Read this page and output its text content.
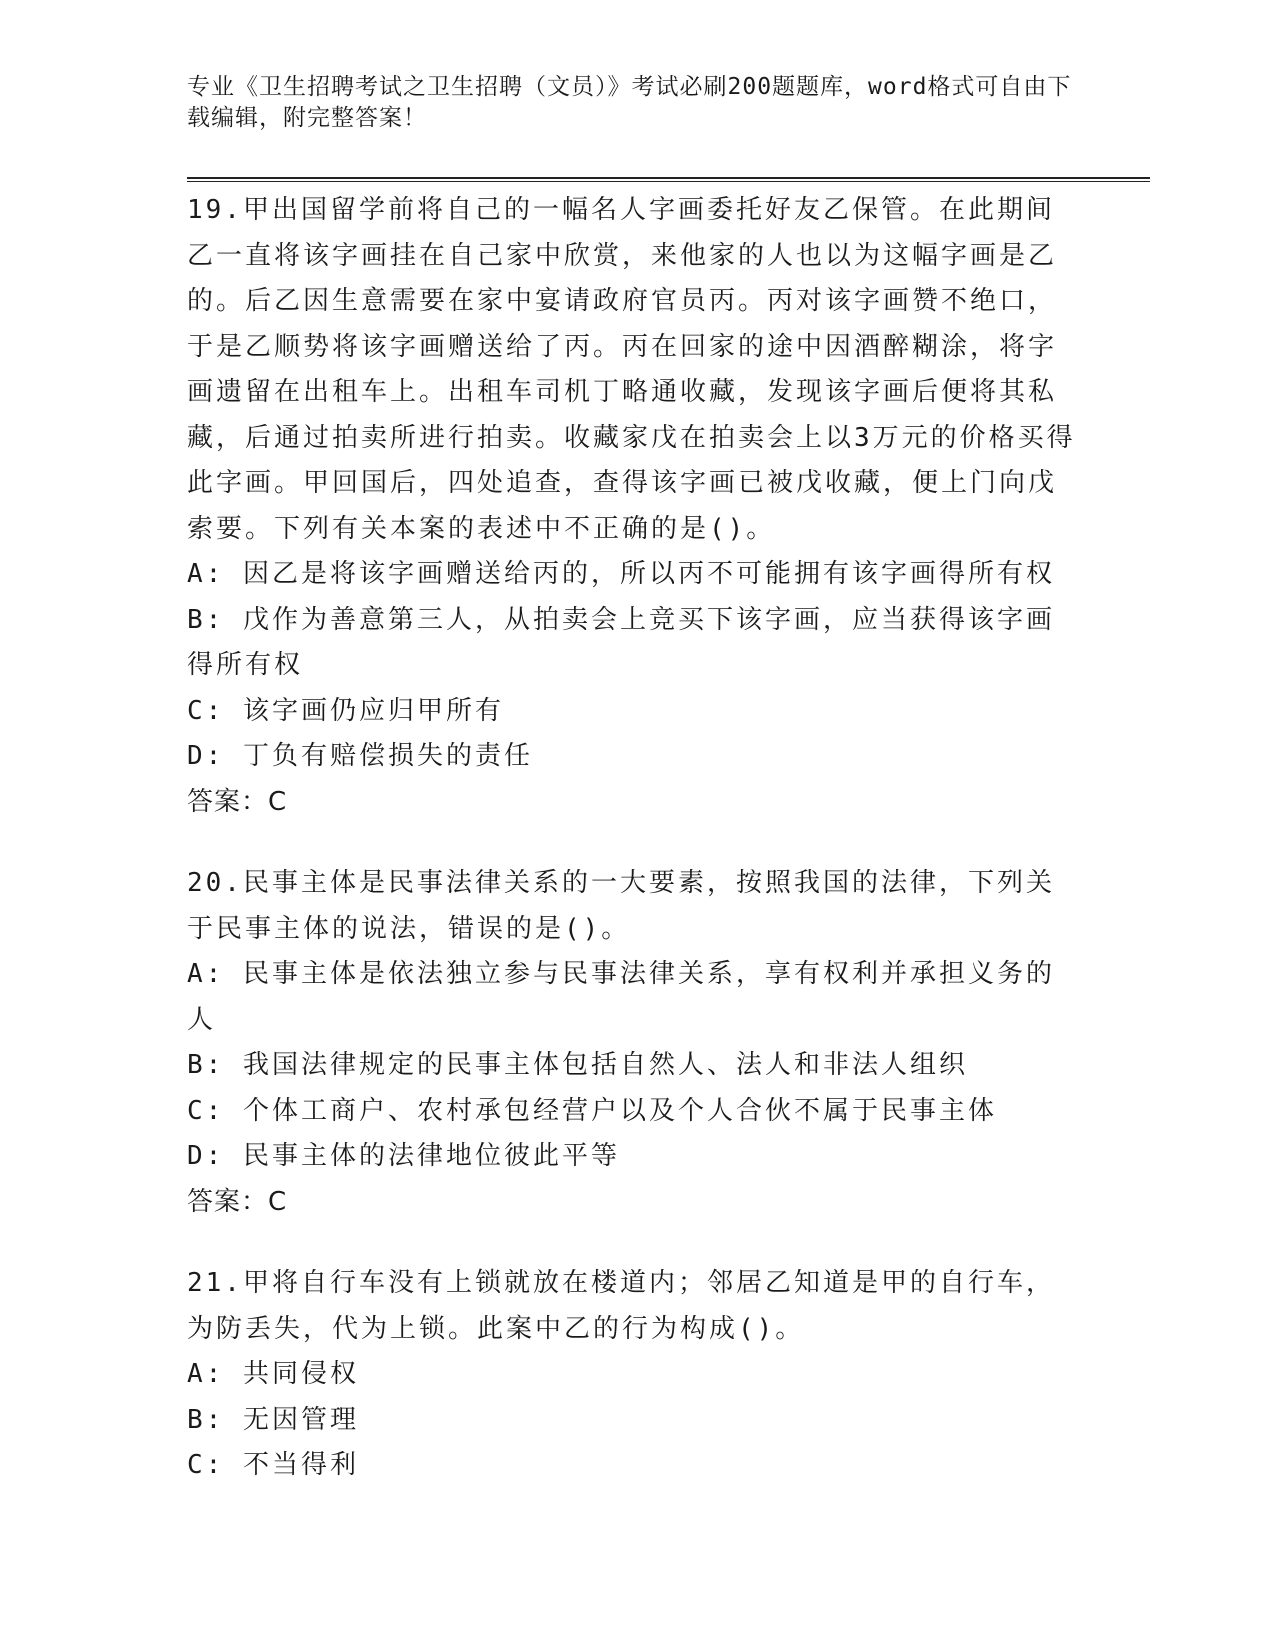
专业《卫生招聘考试之卫生招聘（文员）》考试必刷200题题库，word格式可自由下载编辑，附完整答案！

19.甲出国留学前将自己的一幅名人字画委托好友乙保管。在此期间乙一直将该字画挂在自己家中欣赏，来他家的人也以为这幅字画是乙的。后乙因生意需要在家中宴请政府官员丙。丙对该字画赞不绝口，于是乙顺势将该字画赠送给了丙。丙在回家的途中因酒醉糊涂，将字画遗留在出租车上。出租车司机丁略通收藏，发现该字画后便将其私藏，后通过拍卖所进行拍卖。收藏家戊在拍卖会上以3万元的价格买得此字画。甲回国后，四处追查，查得该字画已被戊收藏，便上门向戊索要。下列有关本案的表述中不正确的是()。

A: 因乙是将该字画赠送给丙的，所以丙不可能拥有该字画得所有权

B: 戊作为善意第三人，从拍卖会上竞买下该字画，应当获得该字画得所有权

C: 该字画仍应归甲所有

D: 丁负有赔偿损失的责任

答案：C

20.民事主体是民事法律关系的一大要素，按照我国的法律，下列关于民事主体的说法，错误的是()。

A: 民事主体是依法独立参与民事法律关系，享有权利并承担义务的人

B: 我国法律规定的民事主体包括自然人、法人和非法人组织

C: 个体工商户、农村承包经营户以及个人合伙不属于民事主体

D: 民事主体的法律地位彼此平等

答案：C

21.甲将自行车没有上锁就放在楼道内；邻居乙知道是甲的自行车，为防丢失，代为上锁。此案中乙的行为构成()。

A: 共同侵权

B: 无因管理

C: 不当得利
